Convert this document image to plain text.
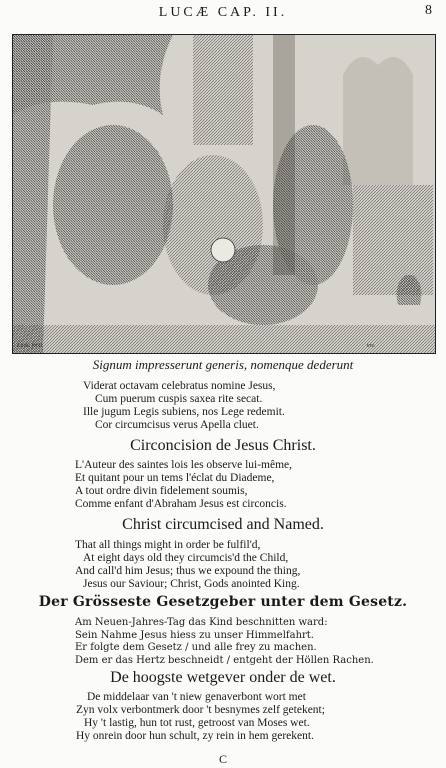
LUCÆ CAP. II.	8
Luyk. fecit.	inv.
Signum impresserunt generis, nomenque dederunt
Viderat octavam celebratus nomine Jesus,
Cum puerum cuspis saxea rite secat.
Ille jugum Legis subiens, nos Lege redemit.
Cor circumcisus verus Apella cluet.
Circoncision de Jesus Christ.
L'Auteur des saintes lois les observe lui-même,
Et quitant pour un tems l'éclat du Diademe,
A tout ordre divin fidelement soumis,
Comme enfant d'Abraham Jesus est circoncis.
Christ circumcised and Named.
That all things might in order be fulfil'd,
At eight days old they circumcis'd the Child,
And call'd him Jesus; thus we expound the thing,
Jesus our Saviour; Christ, Gods anointed King.
Der Grösseste Gesetzgeber unter dem Gesetz.
Am Neuen-Jahres-Tag das Kind beschnitten ward:
Sein Nahme Jesus hiess zu unser Himmelfahrt.
Er folgte dem Gesetz / und alle frey zu machen.
Dem er das Hertz beschneidt / entgeht der Höllen Rachen.
De hoogste wetgever onder de wet.
De middelaar van 't niew genaverbont wort met
Zyn volx verbontmerk door 't besnymes zelf getekent;
Hy 't lastig, hun tot rust, getroost van Moses wet.
Hy onrein door hun schult, zy rein in hem gerekent.
C
